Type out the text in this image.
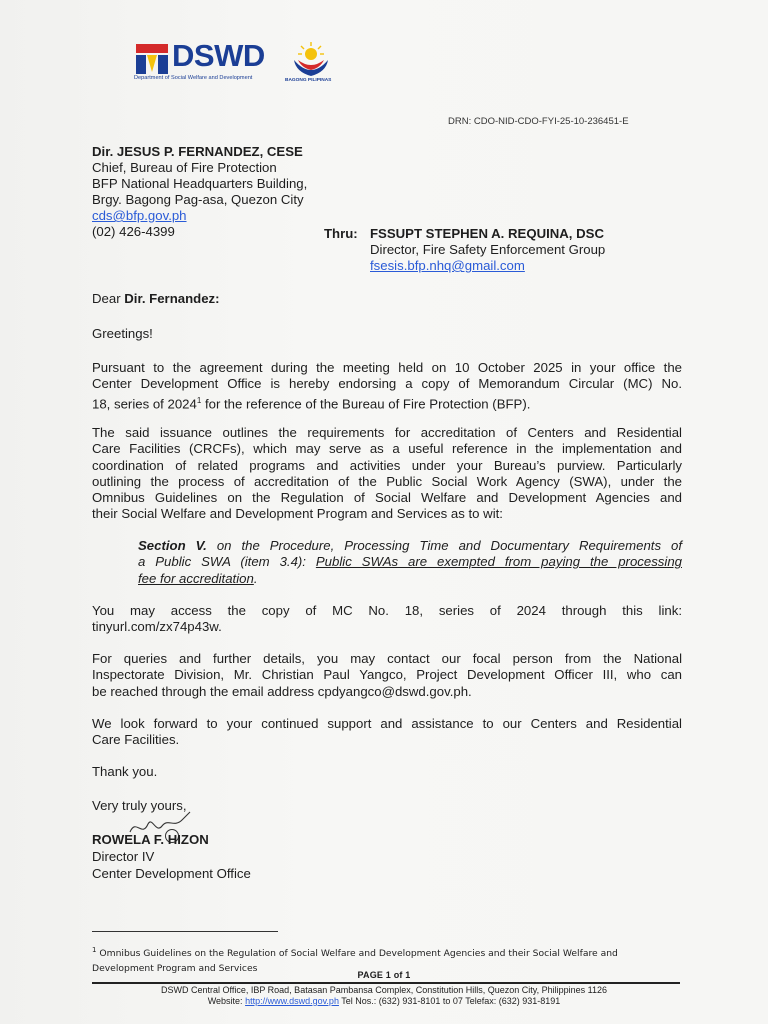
DSWD
Department of Social Welfare and Development	BAGONG PILIPINAS
DRN: CDO-NID-CDO-FYI-25-10-236451-E
Dir. JESUS P. FERNANDEZ, CESE
Chief, Bureau of Fire Protection
BFP National Headquarters Building,
Brgy. Bagong Pag-asa, Quezon City
cds@bfp.gov.ph
(02) 426-4399	Thru: FSSUPT STEPHEN A. REQUINA, DSC
Director, Fire Safety Enforcement Group
fsesis.bfp.nhq@gmail.com
Dear Dir. Fernandez:
Greetings!
Pursuant to the agreement during the meeting held on 10 October 2025 in your office the
Center Development Office is hereby endorsing a copy of Memorandum Circular (MC) No.
18, series of 2024$^1$ for the reference of the Bureau of Fire Protection (BFP).
The said issuance outlines the requirements for accreditation of Centers and Residential
Care Facilities (CRCFs), which may serve as a useful reference in the implementation and
coordination of related programs and activities under your Bureau’s purview. Particularly
outlining the process of accreditation of the Public Social Work Agency (SWA), under the
Omnibus Guidelines on the Regulation of Social Welfare and Development Agencies and
their Social Welfare and Development Program and Services as to wit:
Section V. on the Procedure, Processing Time and Documentary Requirements of
a Public SWA (item 3.4): Public SWAs are exempted from paying the processing
fee for accreditation.
You may access the copy of MC No. 18, series of 2024 through this link:
tinyurl.com/zx74p43w.
For queries and further details, you may contact our focal person from the National
Inspectorate Division, Mr. Christian Paul Yangco, Project Development Officer III, who can
be reached through the email address cpdyangco@dswd.gov.ph.
We look forward to your continued support and assistance to our Centers and Residential
Care Facilities.
Thank you.
Very truly yours,
ROWELA F. HIZON
Director IV
Center Development Office
$^1$ Omnibus Guidelines on the Regulation of Social Welfare and Development Agencies and their Social Welfare and
Development Program and Services
PAGE 1 of 1
DSWD Central Office, IBP Road, Batasan Pambansa Complex, Constitution Hills, Quezon City, Philippines 1126
Website: http://www.dswd.gov.ph Tel Nos.: (632) 931-8101 to 07 Telefax: (632) 931-8191
